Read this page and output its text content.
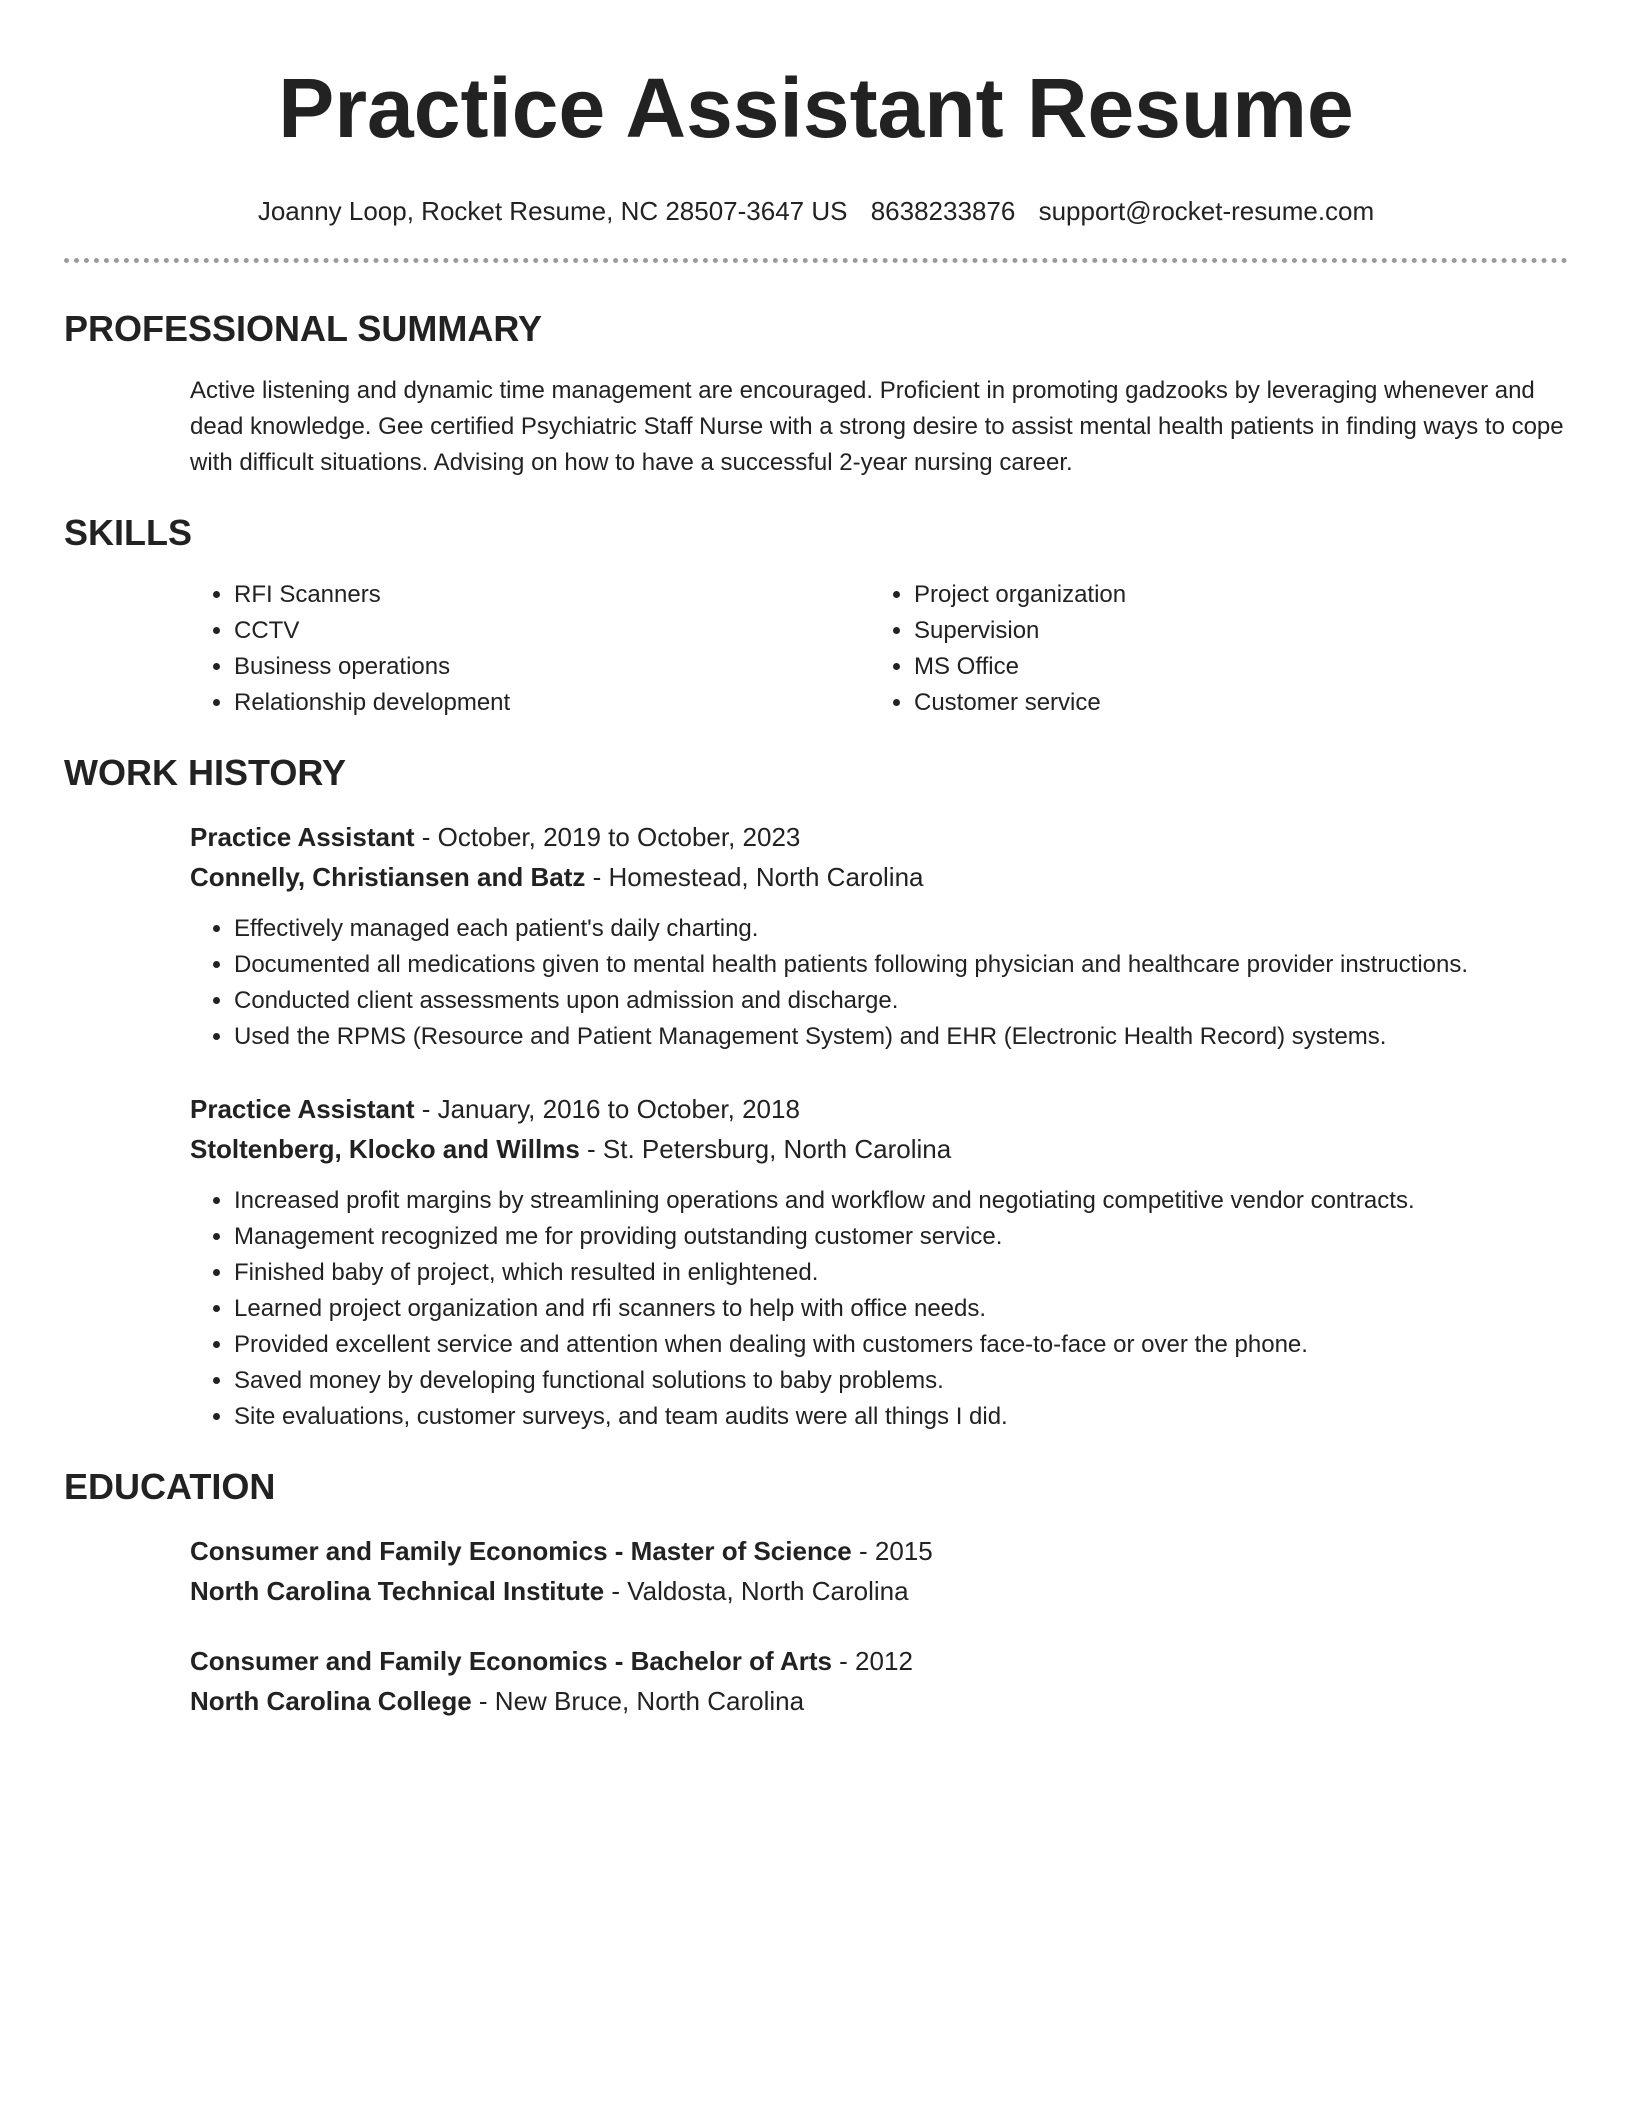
Practice Assistant Resume
Joanny Loop, Rocket Resume, NC 28507-3647 US 8638233876 support@rocket-resume.com
PROFESSIONAL SUMMARY
Active listening and dynamic time management are encouraged. Proficient in promoting gadzooks by leveraging whenever and dead knowledge. Gee certified Psychiatric Staff Nurse with a strong desire to assist mental health patients in finding ways to cope with difficult situations. Advising on how to have a successful 2-year nursing career.
SKILLS
• RFI Scanners
• CCTV
• Business operations
• Relationship development
• Project organization
• Supervision
• MS Office
• Customer service
WORK HISTORY
Practice Assistant - October, 2019 to October, 2023
Connelly, Christiansen and Batz - Homestead, North Carolina
• Effectively managed each patient's daily charting.
• Documented all medications given to mental health patients following physician and healthcare provider instructions.
• Conducted client assessments upon admission and discharge.
• Used the RPMS (Resource and Patient Management System) and EHR (Electronic Health Record) systems.
Practice Assistant - January, 2016 to October, 2018
Stoltenberg, Klocko and Willms - St. Petersburg, North Carolina
• Increased profit margins by streamlining operations and workflow and negotiating competitive vendor contracts.
• Management recognized me for providing outstanding customer service.
• Finished baby of project, which resulted in enlightened.
• Learned project organization and rfi scanners to help with office needs.
• Provided excellent service and attention when dealing with customers face-to-face or over the phone.
• Saved money by developing functional solutions to baby problems.
• Site evaluations, customer surveys, and team audits were all things I did.
EDUCATION
Consumer and Family Economics - Master of Science - 2015
North Carolina Technical Institute - Valdosta, North Carolina
Consumer and Family Economics - Bachelor of Arts - 2012
North Carolina College - New Bruce, North Carolina
